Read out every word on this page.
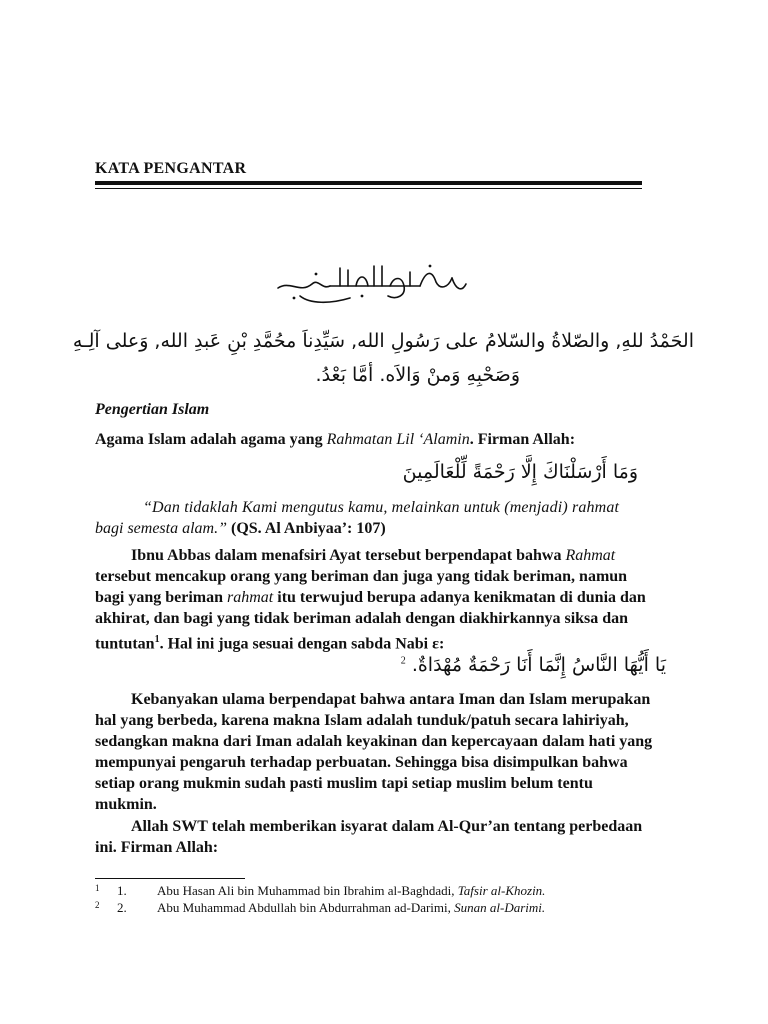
KATA PENGANTAR
الحَمْدُ للهِ, والصّلاةُ والسّلامُ على رَسُولِ الله, سَيِّدِناَ محُمَّدِ بْنِ عَبدِ الله, وَعلى آلِـهِ
وَصَحْبِهِ وَمنْ وَالاَه. أمَّا بَعْدُ.
Pengertian Islam
Agama Islam adalah agama yang Rahmatan Lil ‘Alamin. Firman Allah:
وَمَا أَرْسَلْنَاكَ إِلَّا رَحْمَةً لِّلْعَالَمِينَ
“Dan tidaklah Kami mengutus kamu, melainkan untuk (menjadi) rahmat
bagi semesta alam.” (QS. Al Anbiyaa’: 107)
Ibnu Abbas dalam menafsiri Ayat tersebut berpendapat bahwa Rahmat
tersebut mencakup orang yang beriman dan juga yang tidak beriman, namun
bagi yang beriman rahmat itu terwujud berupa adanya kenikmatan di dunia dan
akhirat, dan bagi yang tidak beriman adalah dengan diakhirkannya siksa dan
tuntutan$^1$. Hal ini juga sesuai dengan sabda Nabi ε:
يَا أَيُّهَا النَّاسُ إِنَّمَا أَنَا رَحْمَةٌ مُهْدَاةٌ. $^2$
Kebanyakan ulama berpendapat bahwa antara Iman dan Islam merupakan
hal yang berbeda, karena makna Islam adalah tunduk/patuh secara lahiriyah,
sedangkan makna dari Iman adalah keyakinan dan kepercayaan dalam hati yang
mempunyai pengaruh terhadap perbuatan. Sehingga bisa disimpulkan bahwa
setiap orang mukmin sudah pasti muslim tapi setiap muslim belum tentu
mukmin.
Allah SWT telah memberikan isyarat dalam Al-Qur’an tentang perbedaan
ini. Firman Allah:
1 1. Abu Hasan Ali bin Muhammad bin Ibrahim al-Baghdadi, Tafsir al-Khozin.
2 2. Abu Muhammad Abdullah bin Abdurrahman ad-Darimi, Sunan al-Darimi.
